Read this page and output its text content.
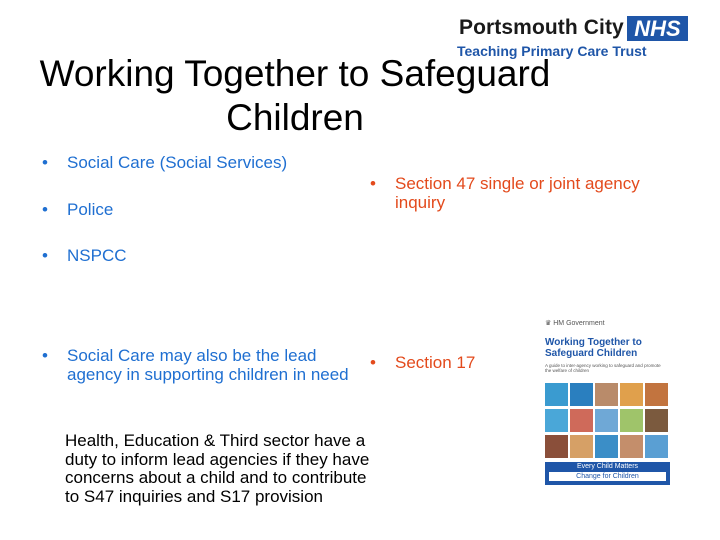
Portsmouth City NHS
Teaching Primary Care Trust
Working Together to Safeguard Children
• Social Care (Social Services)
• Police
• NSPCC
• Social Care may also be the lead agency in supporting children in need
Health, Education & Third sector have a duty to inform lead agencies if they have concerns about a child and to contribute to S47 inquiries and S17 provision
• Section 47 single or joint agency inquiry
• Section 17
♛ HM Government
Working Together to Safeguard Children
A guide to inter-agency working to safeguard and promote the welfare of children
Every Child Matters
Change for Children
